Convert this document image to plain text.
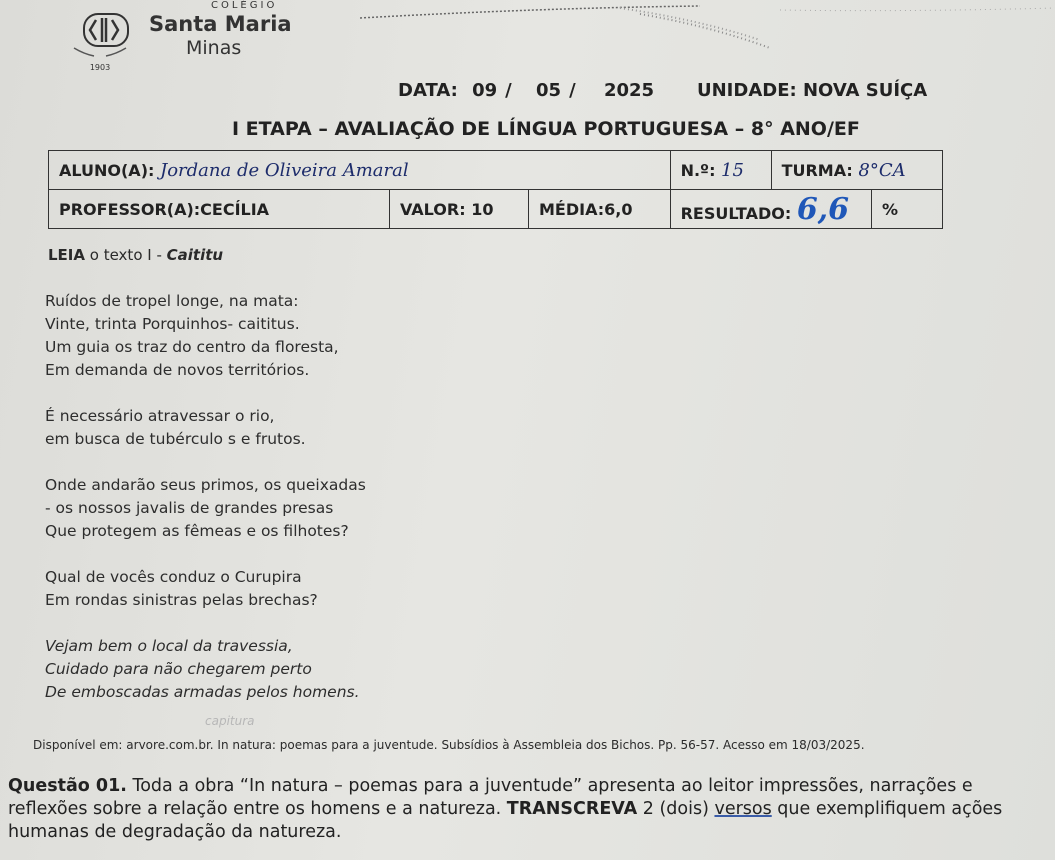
1903
COLÉGIO
Santa Maria
Minas
DATA: 09 / 05 / 2025	UNIDADE: NOVA SUÍÇA
I ETAPA – AVALIAÇÃO DE LÍNGUA PORTUGUESA – 8° ANO/EF
ALUNO(A): Jordana de Oliveira Amaral			N.º: 15	TURMA: 8°CA	
PROFESSOR(A):CECÍLIA	VALOR: 10	MÉDIA:6,0	RESULTADO: 6,6		%
LEIA o texto I - Caititu
Ruídos de tropel longe, na mata:
Vinte, trinta Porquinhos- caititus.
Um guia os traz do centro da floresta,
Em demanda de novos territórios.
É necessário atravessar o rio,
em busca de tubérculo s e frutos.
Onde andarão seus primos, os queixadas
- os nossos javalis de grandes presas
Que protegem as fêmeas e os filhotes?
Qual de vocês conduz o Curupira
Em rondas sinistras pelas brechas?
Vejam bem o local da travessia,
Cuidado para não chegarem perto
De emboscadas armadas pelos homens.
capitura
Disponível em: arvore.com.br. In natura: poemas para a juventude. Subsídios à Assembleia dos Bichos. Pp. 56-57. Acesso em 18/03/2025.
Questão 01. Toda a obra “In natura – poemas para a juventude” apresenta ao leitor impressões, narrações e reflexões sobre a relação entre os homens e a natureza. TRANSCREVA 2 (dois) versos que exemplifiquem ações humanas de degradação da natureza.
